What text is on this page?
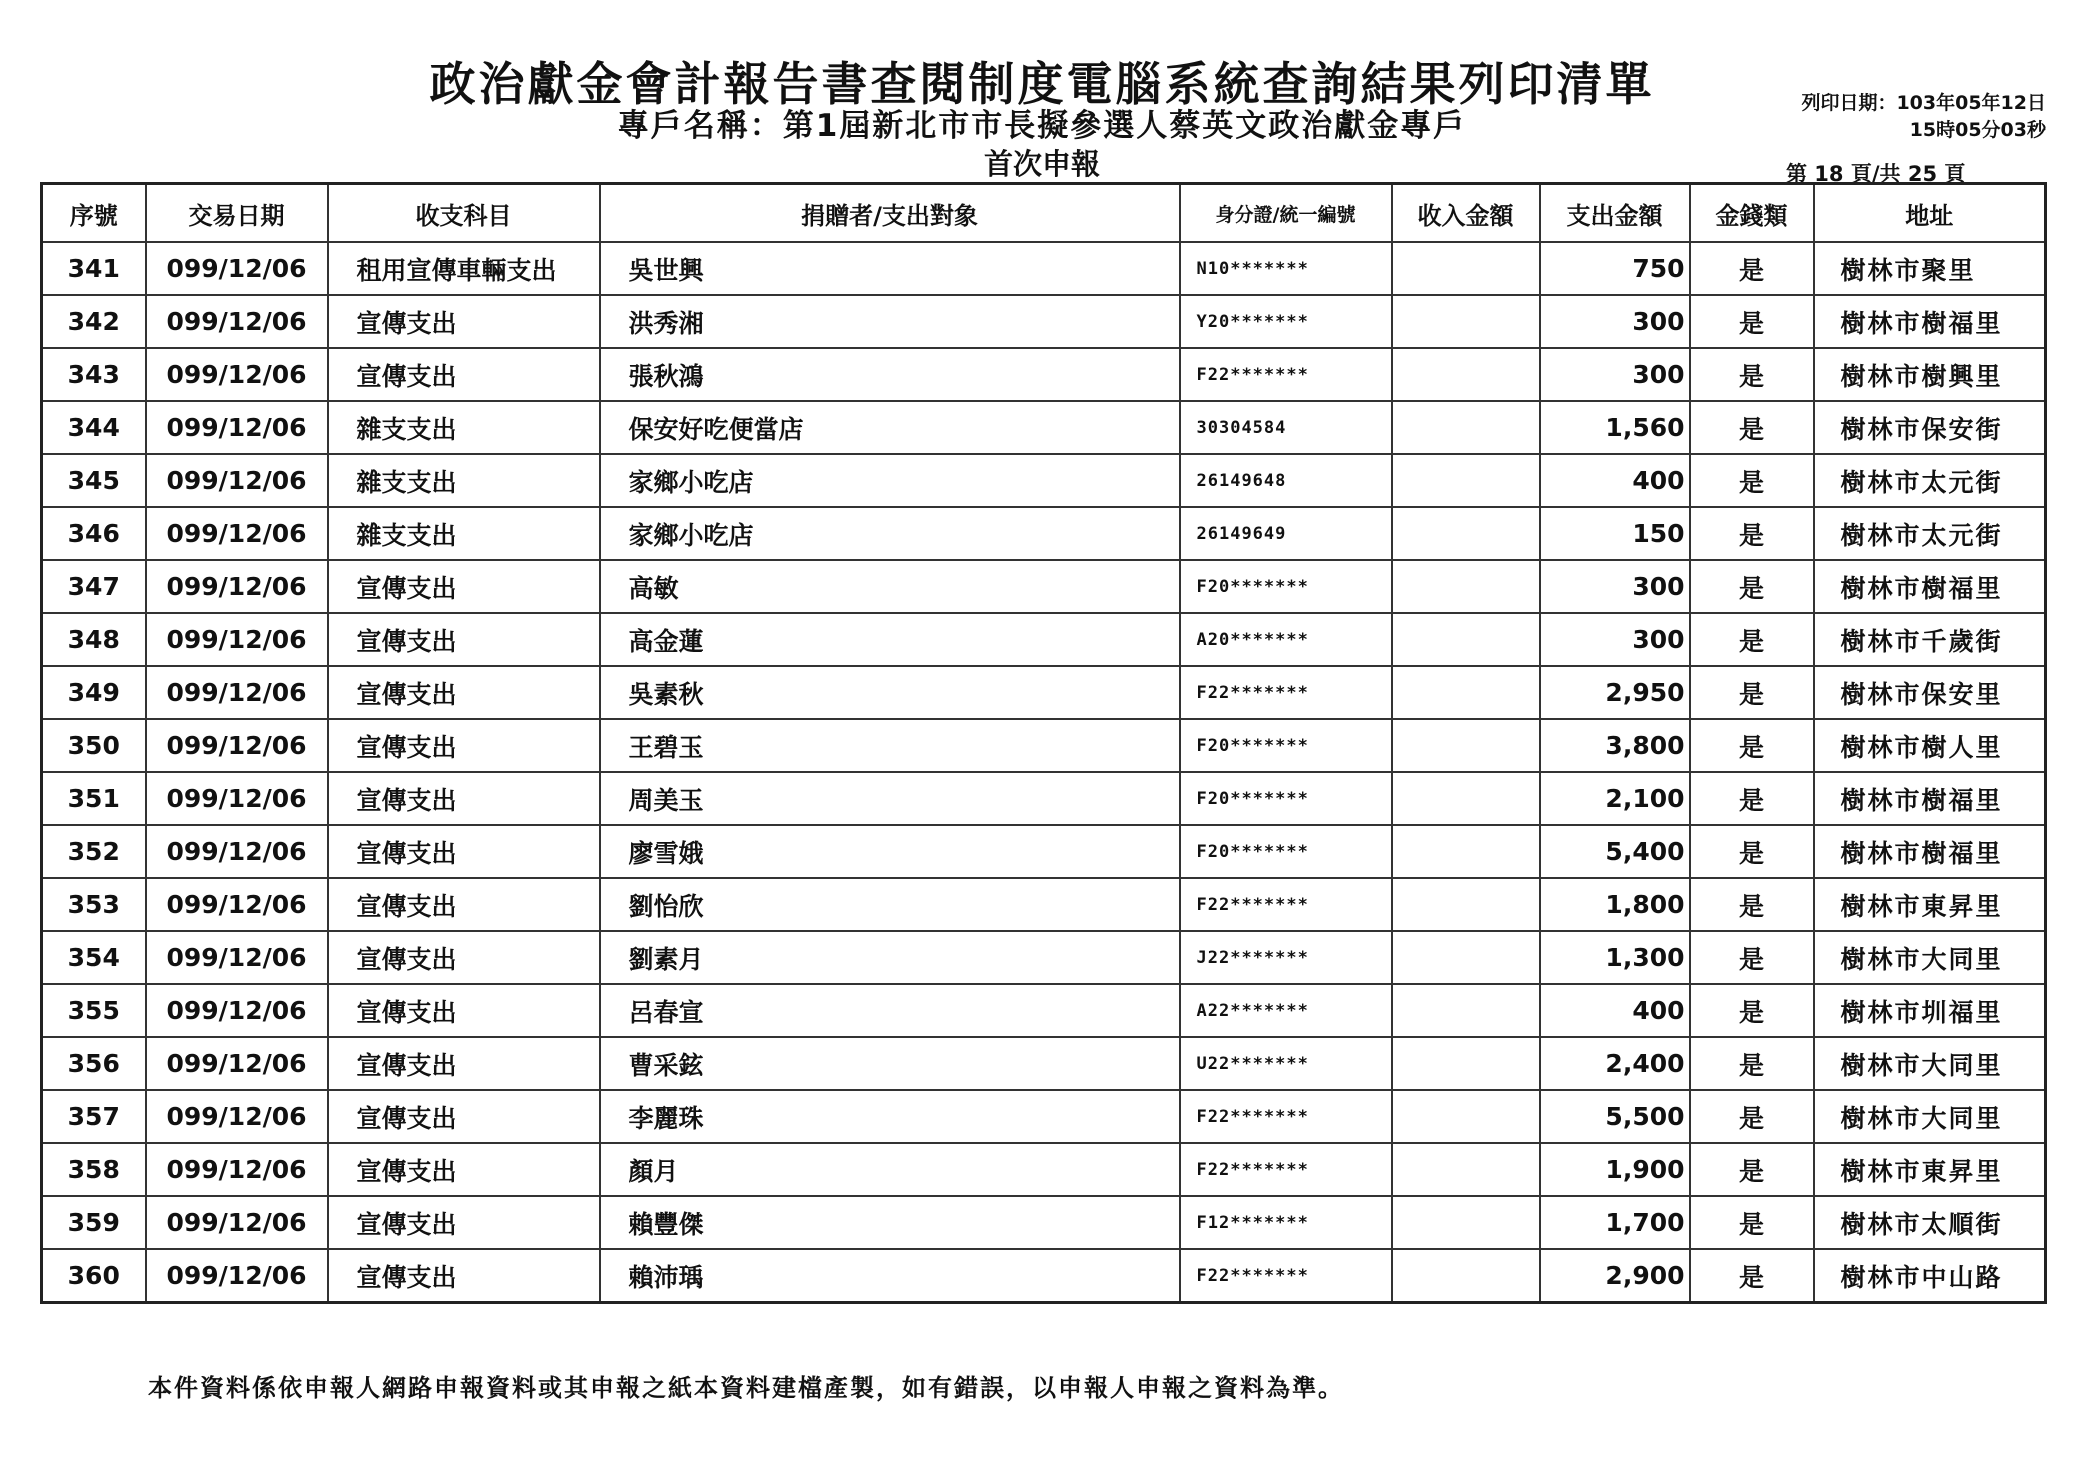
政治獻金會計報告書查閱制度電腦系統查詢結果列印清單
專戶名稱：第1屆新北市市長擬參選人蔡英文政治獻金專戶
首次申報
列印日期：103年05年12日
15時05分03秒
第 18 頁/共 25 頁
序號	交易日期	收支科目	捐贈者/支出對象	身分證/統一編號	收入金額	支出金額	金錢類	地址
341	099/12/06	租用宣傳車輛支出	吳世興	N10*******		750	是	樹林市聚里
342	099/12/06	宣傳支出	洪秀湘	Y20*******		300	是	樹林市樹福里
343	099/12/06	宣傳支出	張秋鴻	F22*******		300	是	樹林市樹興里
344	099/12/06	雜支支出	保安好吃便當店	30304584		1,560	是	樹林市保安街
345	099/12/06	雜支支出	家鄉小吃店	26149648		400	是	樹林市太元街
346	099/12/06	雜支支出	家鄉小吃店	26149649		150	是	樹林市太元街
347	099/12/06	宣傳支出	高敏	F20*******		300	是	樹林市樹福里
348	099/12/06	宣傳支出	高金蓮	A20*******		300	是	樹林市千歲街
349	099/12/06	宣傳支出	吳素秋	F22*******		2,950	是	樹林市保安里
350	099/12/06	宣傳支出	王碧玉	F20*******		3,800	是	樹林市樹人里
351	099/12/06	宣傳支出	周美玉	F20*******		2,100	是	樹林市樹福里
352	099/12/06	宣傳支出	廖雪娥	F20*******		5,400	是	樹林市樹福里
353	099/12/06	宣傳支出	劉怡欣	F22*******		1,800	是	樹林市東昇里
354	099/12/06	宣傳支出	劉素月	J22*******		1,300	是	樹林市大同里
355	099/12/06	宣傳支出	呂春宣	A22*******		400	是	樹林市圳福里
356	099/12/06	宣傳支出	曹采鉉	U22*******		2,400	是	樹林市大同里
357	099/12/06	宣傳支出	李麗珠	F22*******		5,500	是	樹林市大同里
358	099/12/06	宣傳支出	顏月	F22*******		1,900	是	樹林市東昇里
359	099/12/06	宣傳支出	賴豐傑	F12*******		1,700	是	樹林市太順街
360	099/12/06	宣傳支出	賴沛瑀	F22*******		2,900	是	樹林市中山路
本件資料係依申報人網路申報資料或其申報之紙本資料建檔產製，如有錯誤，以申報人申報之資料為準。
